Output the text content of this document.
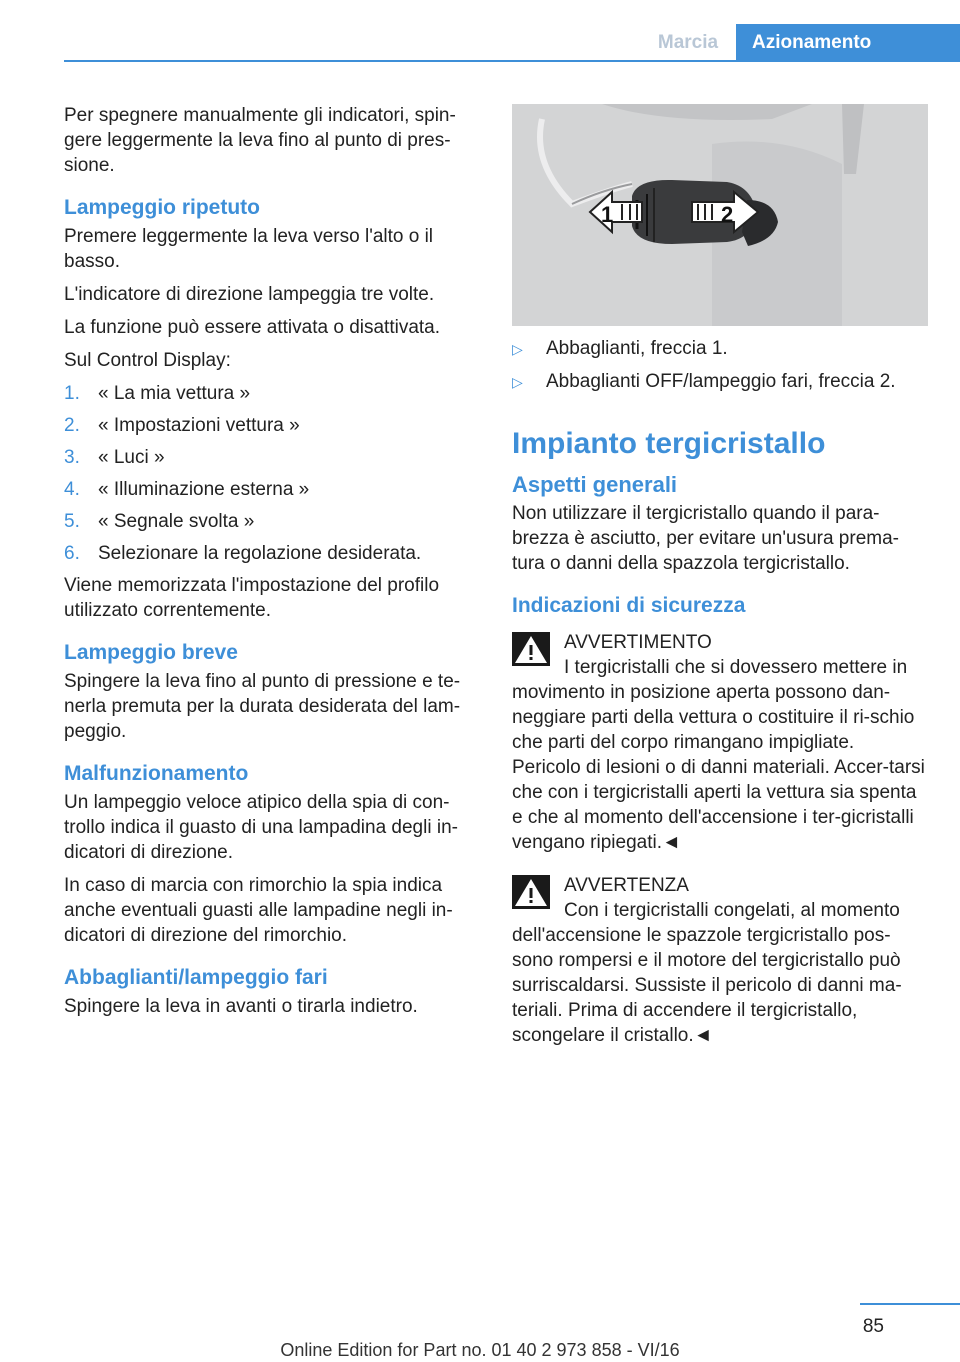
Marcia	Azionamento

Per spegnere manualmente gli indicatori, spin-gere leggermente la leva fino al punto di pres-sione.

Lampeggio ripetuto

Premere leggermente la leva verso l'alto o il basso.

L'indicatore di direzione lampeggia tre volte.

La funzione può essere attivata o disattivata.

Sul Control Display:

1. « La mia vettura »
2. « Impostazioni vettura »
3. « Luci »
4. « Illuminazione esterna »
5. « Segnale svolta »
6. Selezionare la regolazione desiderata.

Viene memorizzata l'impostazione del profilo utilizzato correntemente.

Lampeggio breve

Spingere la leva fino al punto di pressione e te-nerla premuta per la durata desiderata del lam-peggio.

Malfunzionamento

Un lampeggio veloce atipico della spia di con-trollo indica il guasto di una lampadina degli in-dicatori di direzione.

In caso di marcia con rimorchio la spia indica anche eventuali guasti alle lampadine negli in-dicatori di direzione del rimorchio.

Abbaglianti/lampeggio fari

Spingere la leva in avanti o tirarla indietro.

1	2
▷	Abbaglianti, freccia 1.
▷	Abbaglianti OFF/lampeggio fari, freccia 2.
Impianto tergicristallo
Aspetti generali

Non utilizzare il tergicristallo quando il para-brezza è asciutto, per evitare un'usura prema-tura o danni della spazzola tergicristallo.

Indicazioni di sicurezza
AVVERTIMENTO

I tergicristalli che si dovessero mettere in movimento in posizione aperta possono dan-neggiare parti della vettura o costituire il ri-schio che parti del corpo rimangano impigliate. Pericolo di lesioni o di danni materiali. Accer-tarsi che con i tergicristalli aperti la vettura sia spenta e che al momento dell'accensione i ter-gicristalli vengano ripiegati.◄

AVVERTENZA

Con i tergicristalli congelati, al momento dell'accensione le spazzole tergicristallo pos-sono rompersi e il motore del tergicristallo può surriscaldarsi. Sussiste il pericolo di danni ma-teriali. Prima di accendere il tergicristallo, scongelare il cristallo.◄

85
Online Edition for Part no. 01 40 2 973 858 - VI/16
